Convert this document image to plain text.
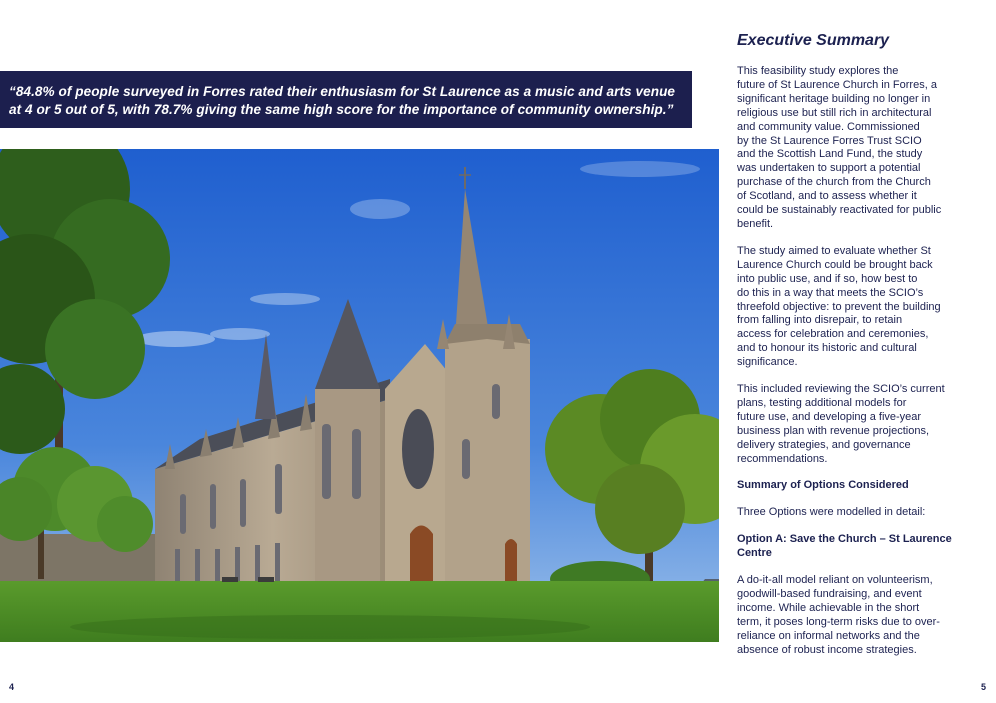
“84.8% of people surveyed in Forres rated their enthusiasm for St Laurence as a music and arts venue
at 4 or 5 out of 5, with 78.7% giving the same high score for the importance of community ownership.”

Executive Summary

This feasibility study explores the
future of St Laurence Church in Forres, a
significant heritage building no longer in
religious use but still rich in architectural
and community value. Commissioned
by the St Laurence Forres Trust SCIO
and the Scottish Land Fund, the study
was undertaken to support a potential
purchase of the church from the Church
of Scotland, and to assess whether it
could be sustainably reactivated for public
benefit.

The study aimed to evaluate whether St
Laurence Church could be brought back
into public use, and if so, how best to
do this in a way that meets the SCIO’s
threefold objective: to prevent the building
from falling into disrepair, to retain
access for celebration and ceremonies,
and to honour its historic and cultural
significance.

This included reviewing the SCIO’s current
plans, testing additional models for
future use, and developing a five-year
business plan with revenue projections,
delivery strategies, and governance
recommendations.

Summary of Options Considered

Three Options were modelled in detail:

Option A: Save the Church – St Laurence
Centre

A do-it-all model reliant on volunteerism,
goodwill-based fundraising, and event
income. While achievable in the short
term, it poses long-term risks due to over-
reliance on informal networks and the
absence of robust income strategies.

4	5
